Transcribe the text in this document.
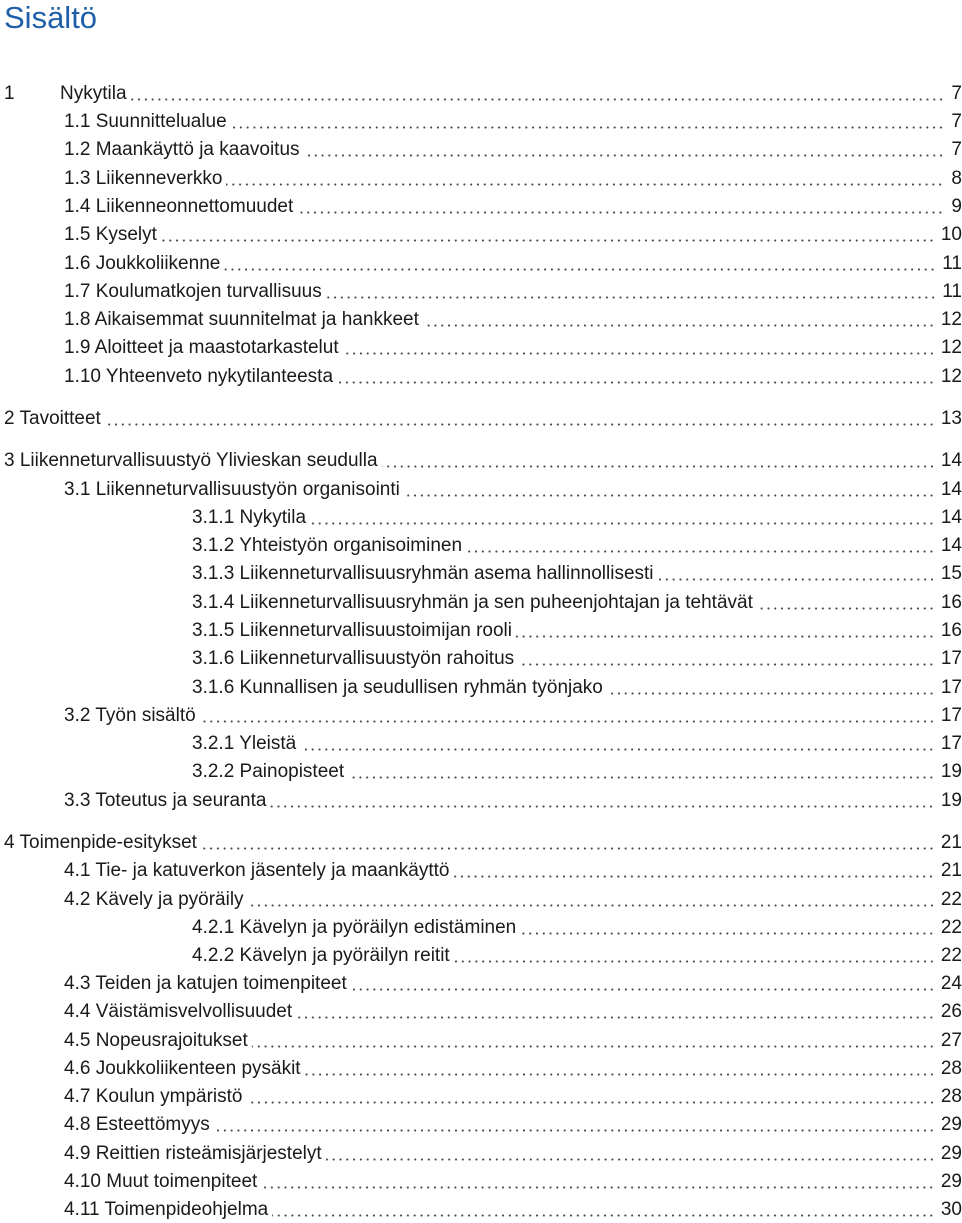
Sisältö
1 Nykytila	7
1.1 Suunnittelualue	7
1.2 Maankäyttö ja kaavoitus	7
1.3 Liikenneverkko	8
1.4 Liikenneonnettomuudet	9
1.5 Kyselyt	10
1.6 Joukkoliikenne	11
1.7 Koulumatkojen turvallisuus	11
1.8 Aikaisemmat suunnitelmat ja hankkeet	12
1.9 Aloitteet ja maastotarkastelut	12
1.10 Yhteenveto nykytilanteesta	12
2 Tavoitteet	13
3 Liikenneturvallisuustyö Ylivieskan seudulla	14
3.1 Liikenneturvallisuustyön organisointi	14
3.1.1 Nykytila	14
3.1.2 Yhteistyön organisoiminen	14
3.1.3 Liikenneturvallisuusryhmän asema hallinnollisesti	15
3.1.4 Liikenneturvallisuusryhmän ja sen puheenjohtajan ja tehtävät	16
3.1.5 Liikenneturvallisuustoimijan rooli	16
3.1.6 Liikenneturvallisuustyön rahoitus	17
3.1.6 Kunnallisen ja seudullisen ryhmän työnjako	17
3.2 Työn sisältö	17
3.2.1 Yleistä	17
3.2.2 Painopisteet	19
3.3 Toteutus ja seuranta	19
4 Toimenpide-esitykset	21
4.1 Tie- ja katuverkon jäsentely ja maankäyttö	21
4.2 Kävely ja pyöräily	22
4.2.1 Kävelyn ja pyöräilyn edistäminen	22
4.2.2 Kävelyn ja pyöräilyn reitit	22
4.3 Teiden ja katujen toimenpiteet	24
4.4 Väistämisvelvollisuudet	26
4.5 Nopeusrajoitukset	27
4.6 Joukkoliikenteen pysäkit	28
4.7 Koulun ympäristö	28
4.8 Esteettömyys	29
4.9 Reittien risteämisjärjestelyt	29
4.10 Muut toimenpiteet	29
4.11 Toimenpideohjelma	30
